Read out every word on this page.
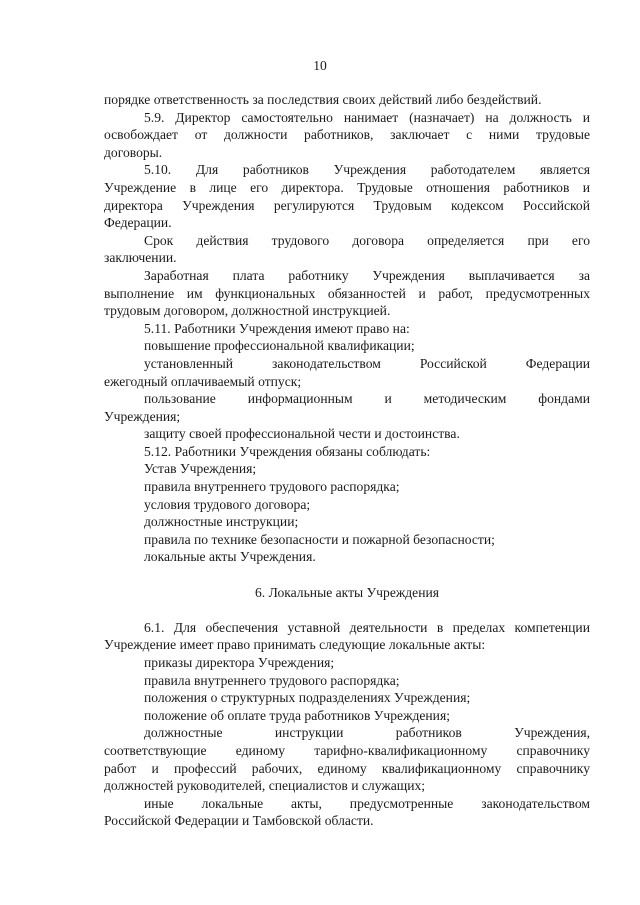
10
порядке ответственность за последствия своих действий либо бездействий.
5.9. Директор самостоятельно нанимает (назначает) на должность и
освобождает от должности работников, заключает с ними трудовые
договоры.
5.10. Для работников Учреждения работодателем является
Учреждение в лице его директора. Трудовые отношения работников и
директора Учреждения регулируются Трудовым кодексом Российской
Федерации.
Срок действия трудового договора определяется при его
заключении.
Заработная плата работнику Учреждения выплачивается за
выполнение им функциональных обязанностей и работ, предусмотренных
трудовым договором, должностной инструкцией.
5.11. Работники Учреждения имеют право на:
повышение профессиональной квалификации;
установленный законодательством Российской Федерации
ежегодный оплачиваемый отпуск;
пользование информационным и методическим фондами
Учреждения;
защиту своей профессиональной чести и достоинства.
5.12. Работники Учреждения обязаны соблюдать:
Устав Учреждения;
правила внутреннего трудового распорядка;
условия трудового договора;
должностные инструкции;
правила по технике безопасности и пожарной безопасности;
локальные акты Учреждения.
6. Локальные акты Учреждения
6.1. Для обеспечения уставной деятельности в пределах компетенции
Учреждение имеет право принимать следующие локальные акты:
приказы директора Учреждения;
правила внутреннего трудового распорядка;
положения о структурных подразделениях Учреждения;
положение об оплате труда работников Учреждения;
должностные инструкции работников Учреждения,
соответствующие единому тарифно-квалификационному справочнику
работ и профессий рабочих, единому квалификационному справочнику
должностей руководителей, специалистов и служащих;
иные локальные акты, предусмотренные законодательством
Российской Федерации и Тамбовской области.
